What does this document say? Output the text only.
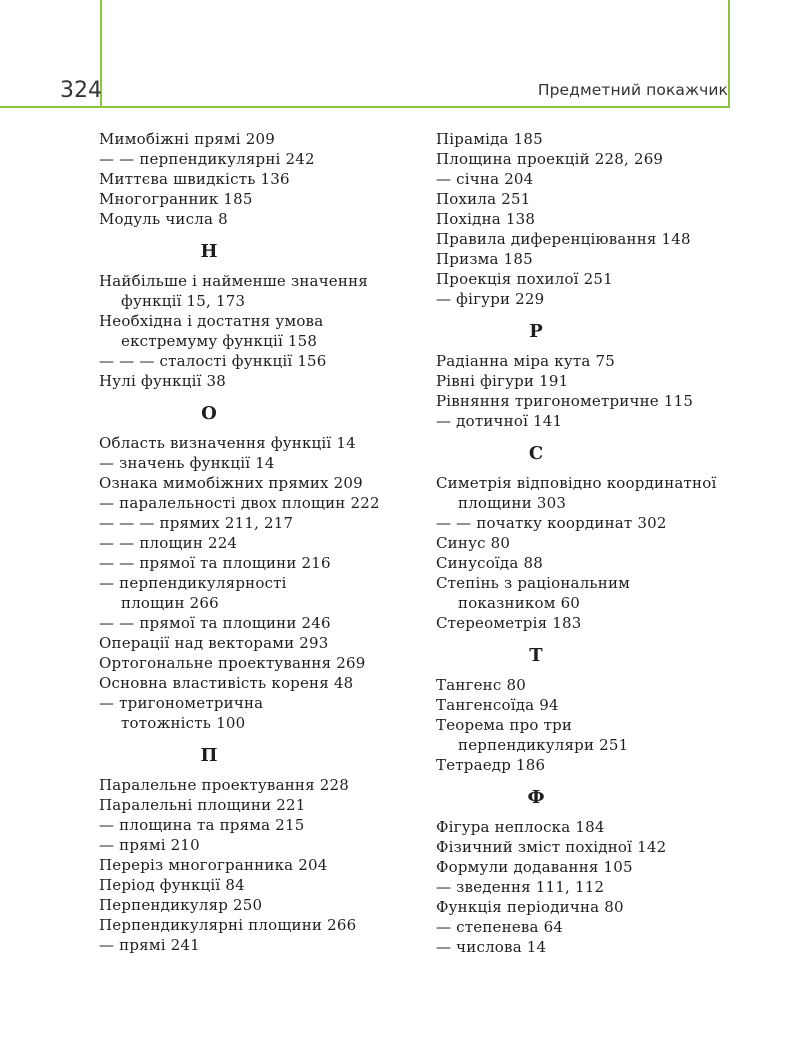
324	Предметний покажчик
Мимобіжні прямі 209
— — перпендикулярні 242
Миттєва швидкість 136
Многогранник 185
Модуль числа 8
Н
Найбільше і найменше значення
функції 15, 173
Необхідна і достатня умова
екстремуму функції 158
— — — сталості функції 156
Нулі функції 38
О
Область визначення функції 14
— значень функції 14
Ознака мимобіжних прямих 209
— паралельності двох площин 222
— — — прямих 211, 217
— — площин 224
— — прямої та площини 216
— перпендикулярності
площин 266
— — прямої та площини 246
Операції над векторами 293
Ортогональне проектування 269
Основна властивість кореня 48
— тригонометрична
тотожність 100
П
Паралельне проектування 228
Паралельні площини 221
— площина та пряма 215
— прямі 210
Переріз многогранника 204
Період функції 84
Перпендикуляр 250
Перпендикулярні площини 266
— прямі 241
Піраміда 185
Площина проекцій 228, 269
— січна 204
Похила 251
Похідна 138
Правила диференціювання 148
Призма 185
Проекція похилої 251
— фігури 229
Р
Радіанна міра кута 75
Рівні фігури 191
Рівняння тригонометричне 115
— дотичної 141
С
Симетрія відповідно координатної
площини 303
— — початку координат 302
Синус 80
Синусоїда 88
Степінь з раціональним
показником 60
Стереометрія 183
Т
Тангенс 80
Тангенсоїда 94
Теорема про три
перпендикуляри 251
Тетраедр 186
Ф
Фігура неплоска 184
Фізичний зміст похідної 142
Формули додавання 105
— зведення 111, 112
Функція періодична 80
— степенева 64
— числова 14
